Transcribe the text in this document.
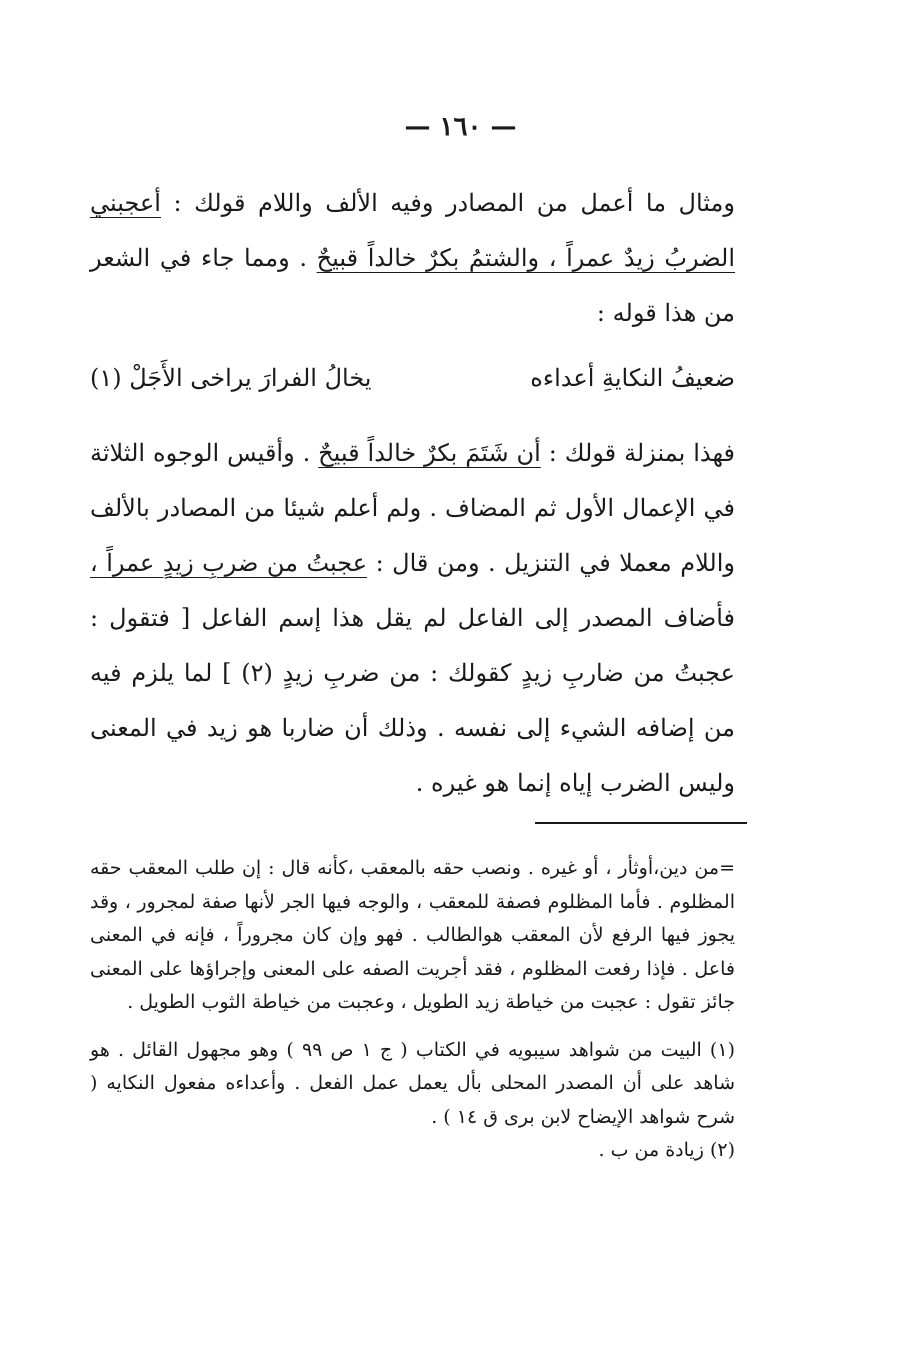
— ١٦٠ —

ومثال ما أعمل من المصادر وفيه الألف واللام قولك : أعجبني الضربُ زيدٌ عمراً ، والشتمُ بكرٌ خالداً قبيحٌ . ومما جاء في الشعر من هذا قوله :

ضعيفُ النكايةِ أعداءه
يخالُ الفرارَ يراخى الأَجَلْ (١)

فهذا بمنزلة قولك : أن شَتَمَ بكرٌ خالداً قبيحٌ . وأقيس الوجوه الثلاثة في الإعمال الأول ثم المضاف . ولم أعلم شيئا من المصادر بالألف واللام معملا في التنزيل . ومن قال : عجبتُ من ضربِ زيدٍ عمراً ، فأضاف المصدر إلى الفاعل لم يقل هذا إسم الفاعل [ فتقول : عجبتُ من ضاربِ زيدٍ كقولك : من ضربِ زيدٍ (٢) ] لما يلزم فيه من إضافه الشيء إلى نفسه . وذلك أن ضاربا هو زيد في المعنى وليس الضرب إياه إنما هو غيره .

=من دين،أوثأر ، أو غيره . ونصب حقه بالمعقب ،كأنه قال : إن طلب المعقب حقه المظلوم . فأما المظلوم فصفة للمعقب ، والوجه فيها الجر لأنها صفة لمجرور ، وقد يجوز فيها الرفع لأن المعقب هوالطالب . فهو وإن كان مجروراً ، فإنه في المعنى فاعل . فإذا رفعت المظلوم ، فقد أجريت الصفه على المعنى وإجراؤها على المعنى جائز تقول : عجبت من خياطة زيد الطويل ، وعجبت من خياطة الثوب الطويل .

(١) البيت من شواهد سيبويه في الكتاب ( ج ١ ص ٩٩ ) وهو مجهول القائل . هو شاهد على أن المصدر المحلى بأل يعمل عمل الفعل . وأعداءه مفعول النكايه ( شرح شواهد الإيضاح لابن برى ق ١٤ ) .

(٢) زيادة من ب .
